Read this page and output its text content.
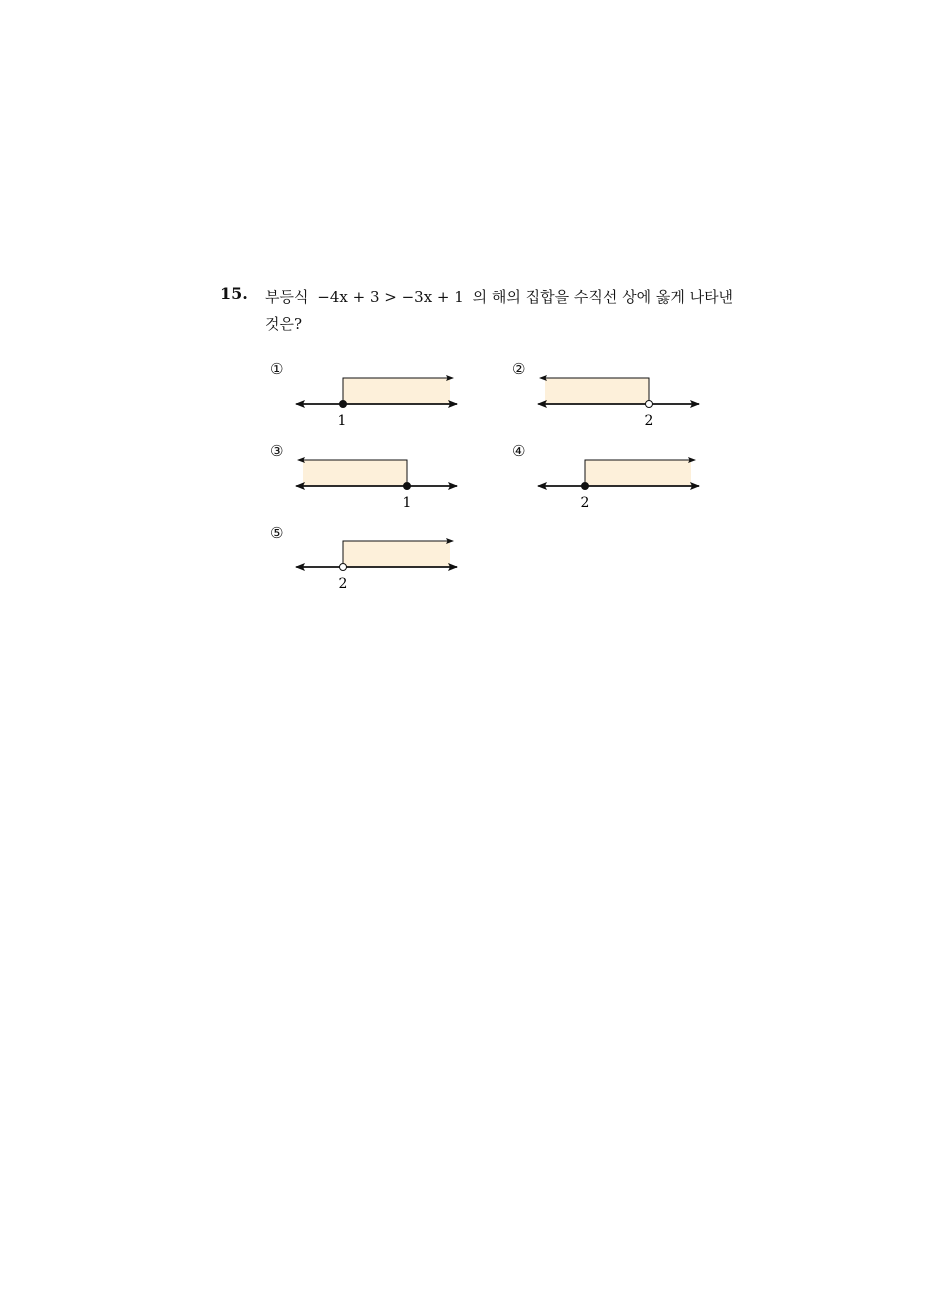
15. 부등식 −4x + 3 > −3x + 1 의 해의 집합을 수직선 상에 옳게 나타낸
것은?
①	②
③	④
⑤
1	2
1	2
2
